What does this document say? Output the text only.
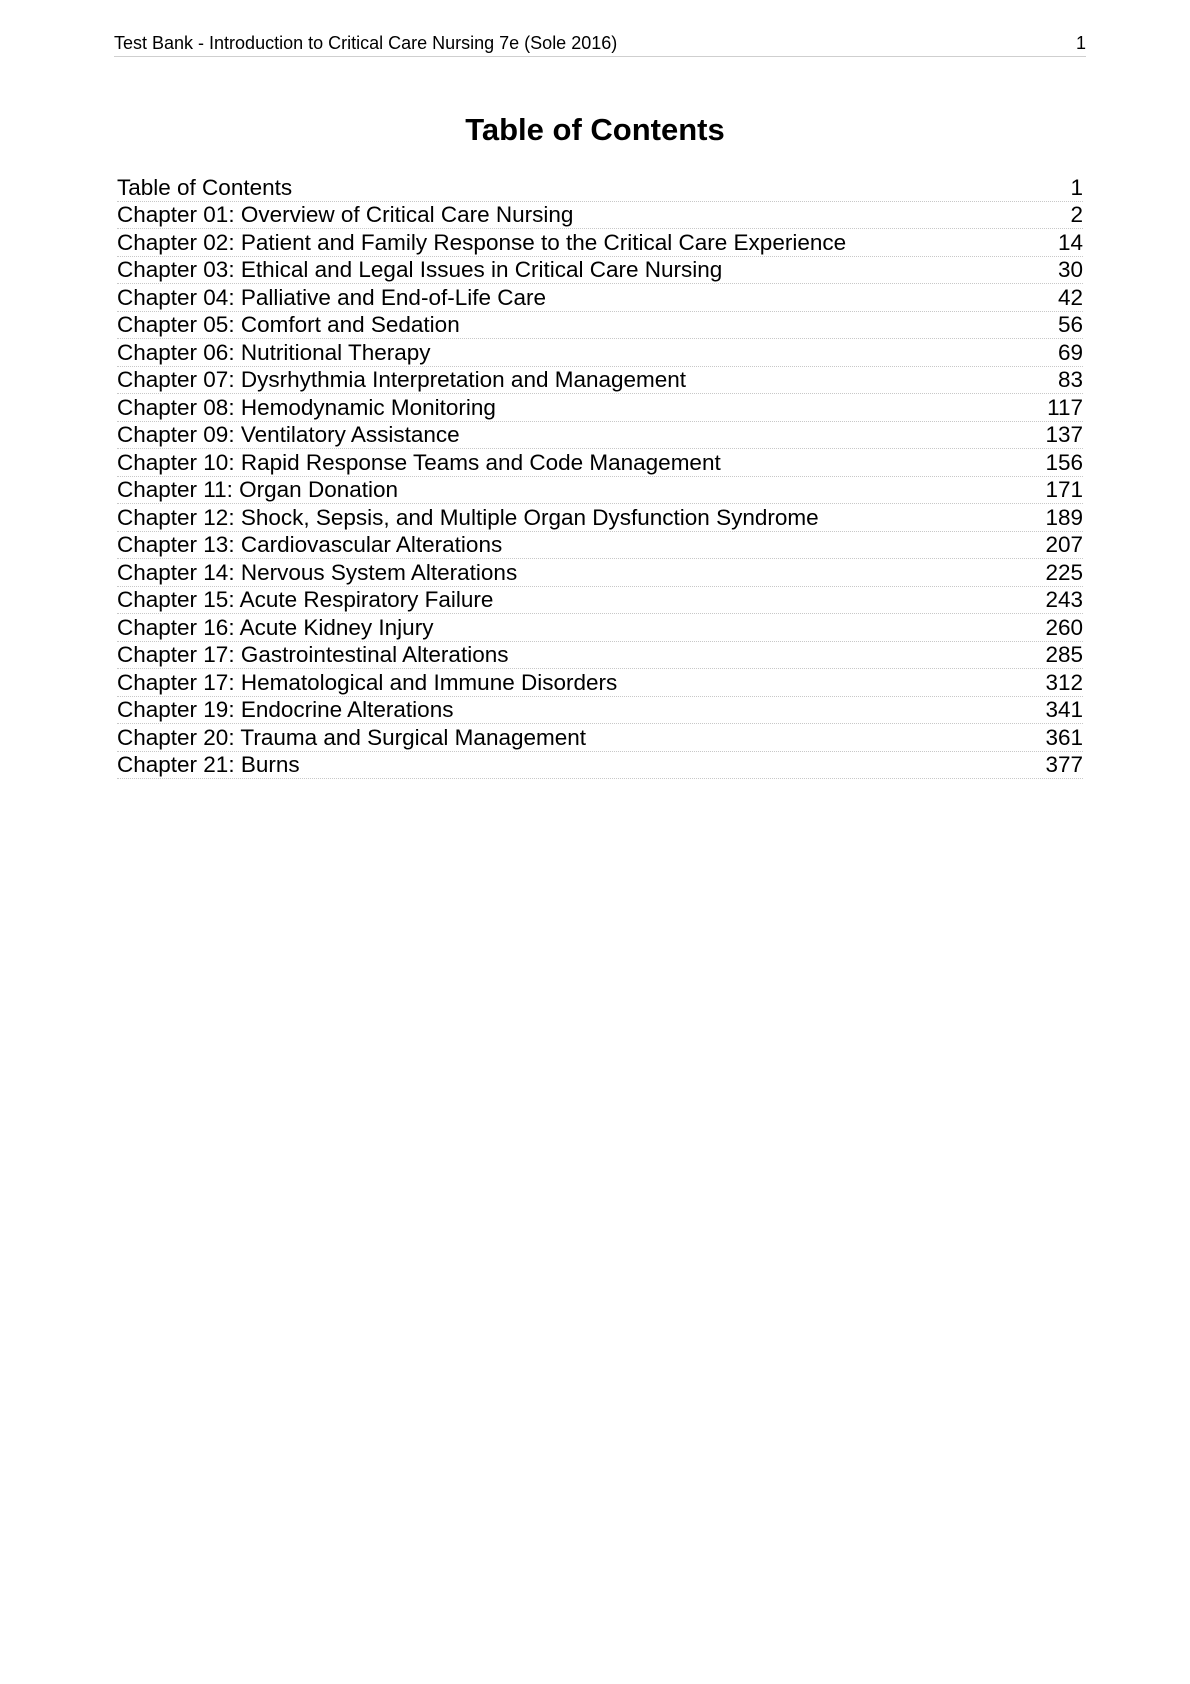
Test Bank - Introduction to Critical Care Nursing 7e (Sole 2016)	1
Table of Contents
Table of Contents	1
Chapter 01: Overview of Critical Care Nursing	2
Chapter 02: Patient and Family Response to the Critical Care Experience	14
Chapter 03: Ethical and Legal Issues in Critical Care Nursing	30
Chapter 04: Palliative and End-of-Life Care	42
Chapter 05: Comfort and Sedation	56
Chapter 06: Nutritional Therapy	69
Chapter 07: Dysrhythmia Interpretation and Management	83
Chapter 08: Hemodynamic Monitoring	117
Chapter 09: Ventilatory Assistance	137
Chapter 10: Rapid Response Teams and Code Management	156
Chapter 11: Organ Donation	171
Chapter 12: Shock, Sepsis, and Multiple Organ Dysfunction Syndrome	189
Chapter 13: Cardiovascular Alterations	207
Chapter 14: Nervous System Alterations	225
Chapter 15: Acute Respiratory Failure	243
Chapter 16: Acute Kidney Injury	260
Chapter 17: Gastrointestinal Alterations	285
Chapter 17: Hematological and Immune Disorders	312
Chapter 19: Endocrine Alterations	341
Chapter 20: Trauma and Surgical Management	361
Chapter 21: Burns	377
